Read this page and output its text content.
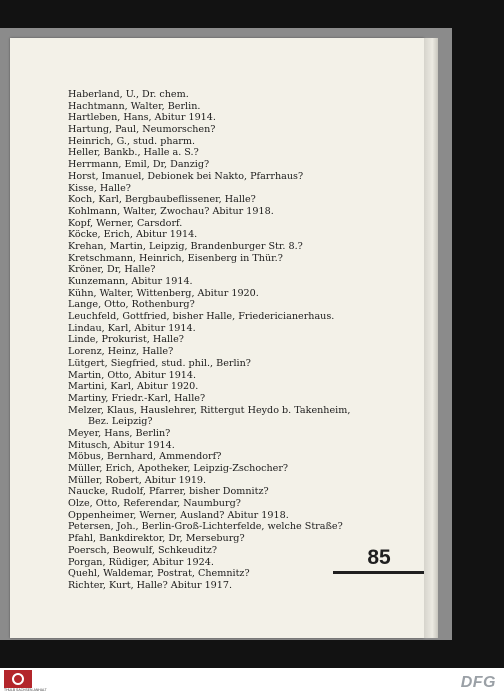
Haberland, U., Dr. chem.
Hachtmann, Walter, Berlin.
Hartleben, Hans, Abitur 1914.
Hartung, Paul, Neumorschen?
Heinrich, G., stud. pharm.
Heller, Bankb., Halle a. S.?
Herrmann, Emil, Dr, Danzig?
Horst, Imanuel, Debionek bei Nakto, Pfarrhaus?
Kisse, Halle?
Koch, Karl, Bergbaubeflissener, Halle?
Kohlmann, Walter, Zwochau? Abitur 1918.
Kopf, Werner, Carsdorf.
Köcke, Erich, Abitur 1914.
Krehan, Martin, Leipzig, Brandenburger Str. 8.?
Kretschmann, Heinrich, Eisenberg in Thür.?
Kröner, Dr, Halle?
Kunzemann, Abitur 1914.
Kühn, Walter, Wittenberg, Abitur 1920.
Lange, Otto, Rothenburg?
Leuchfeld, Gottfried, bisher Halle, Friedericianerhaus.
Lindau, Karl, Abitur 1914.
Linde, Prokurist, Halle?
Lorenz, Heinz, Halle?
Lütgert, Siegfried, stud. phil., Berlin?
Martin, Otto, Abitur 1914.
Martini, Karl, Abitur 1920.
Martiny, Friedr.-Karl, Halle?
Melzer, Klaus, Hauslehrer, Rittergut Heydo b. Takenheim,
Bez. Leipzig?
Meyer, Hans, Berlin?
Mitusch, Abitur 1914.
Möbus, Bernhard, Ammendorf?
Müller, Erich, Apotheker, Leipzig-Zschocher?
Müller, Robert, Abitur 1919.
Naucke, Rudolf, Pfarrer, bisher Domnitz?
Olze, Otto, Referendar, Naumburg?
Oppenheimer, Werner, Ausland? Abitur 1918.
Petersen, Joh., Berlin-Groß-Lichterfelde, welche Straße?
Pfahl, Bankdirektor, Dr, Merseburg?
Poersch, Beowulf, Schkeuditz?
Porgan, Rüdiger, Abitur 1924.
Quehl, Waldemar, Postrat, Chemnitz?
Richter, Kurt, Halle? Abitur 1917.
85
THULB SACHSEN-ANHALT	DFG
